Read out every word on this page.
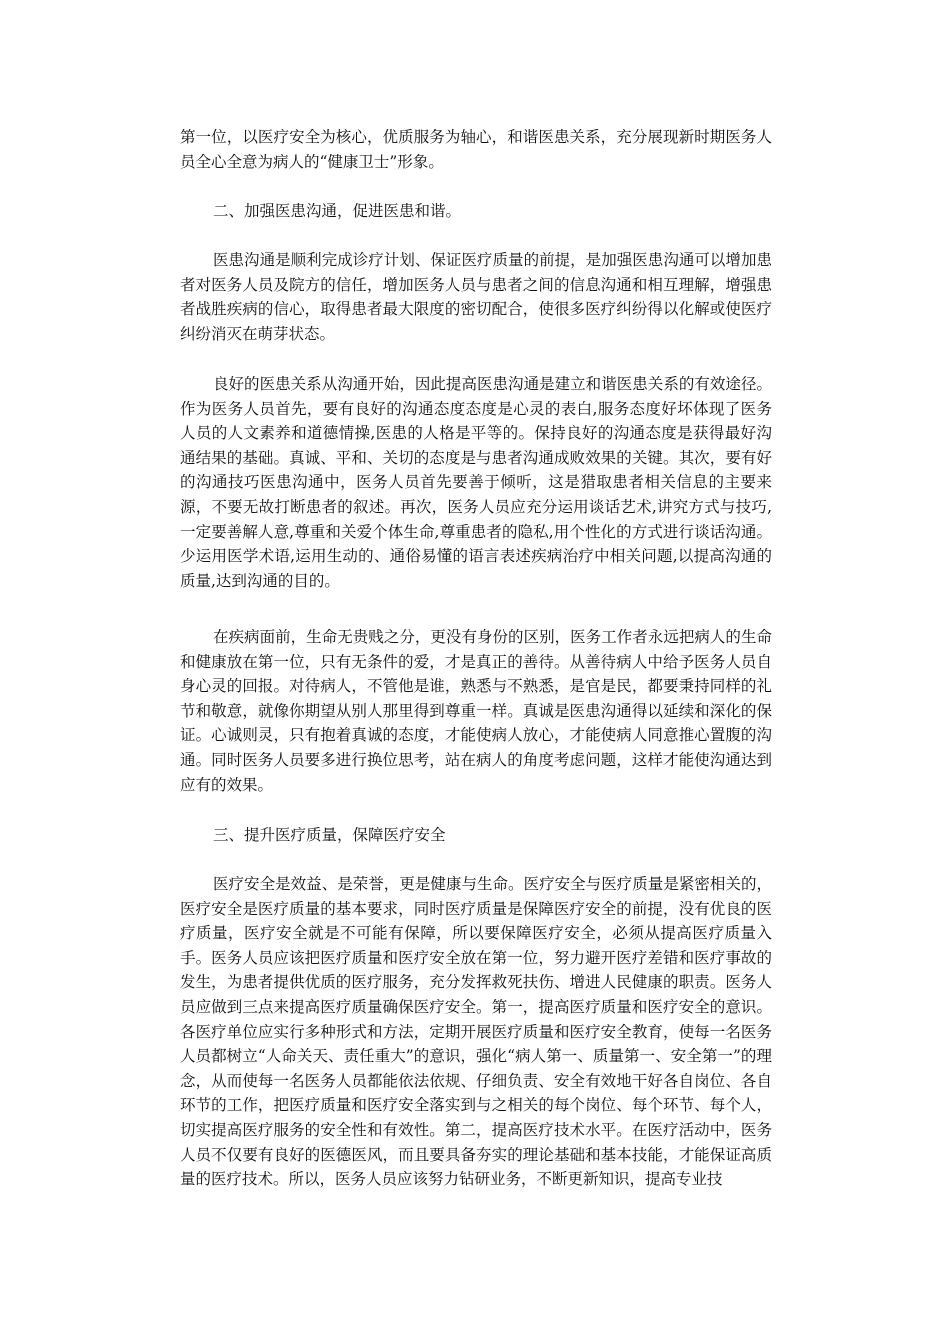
第一位，以医疗安全为核心，优质服务为轴心，和谐医患关系，充分展现新时期医务人员全心全意为病人的“健康卫士”形象。

二、加强医患沟通，促进医患和谐。

医患沟通是顺利完成诊疗计划、保证医疗质量的前提，是加强医患沟通可以增加患者对医务人员及院方的信任，增加医务人员与患者之间的信息沟通和相互理解，增强患者战胜疾病的信心，取得患者最大限度的密切配合，使很多医疗纠纷得以化解或使医疗纠纷消灭在萌芽状态。

良好的医患关系从沟通开始，因此提高医患沟通是建立和谐医患关系的有效途径。作为医务人员首先，要有良好的沟通态度态度是心灵的表白,服务态度好坏体现了医务人员的人文素养和道德情操,医患的人格是平等的。保持良好的沟通态度是获得最好沟通结果的基础。真诚、平和、关切的态度是与患者沟通成败效果的关键。其次，要有好的沟通技巧医患沟通中，医务人员首先要善于倾听，这是猎取患者相关信息的主要来源，不要无故打断患者的叙述。再次，医务人员应充分运用谈话艺术,讲究方式与技巧,一定要善解人意,尊重和关爱个体生命,尊重患者的隐私,用个性化的方式进行谈话沟通。少运用医学术语,运用生动的、通俗易懂的语言表述疾病治疗中相关问题,以提高沟通的质量,达到沟通的目的。

在疾病面前，生命无贵贱之分，更没有身份的区别，医务工作者永远把病人的生命和健康放在第一位，只有无条件的爱，才是真正的善待。从善待病人中给予医务人员自身心灵的回报。对待病人，不管他是谁，熟悉与不熟悉，是官是民，都要秉持同样的礼节和敬意，就像你期望从别人那里得到尊重一样。真诚是医患沟通得以延续和深化的保证。心诚则灵，只有抱着真诚的态度，才能使病人放心，才能使病人同意推心置腹的沟通。同时医务人员要多进行换位思考，站在病人的角度考虑问题，这样才能使沟通达到应有的效果。

三、提升医疗质量，保障医疗安全

医疗安全是效益、是荣誉，更是健康与生命。医疗安全与医疗质量是紧密相关的，医疗安全是医疗质量的基本要求，同时医疗质量是保障医疗安全的前提，没有优良的医疗质量，医疗安全就是不可能有保障，所以要保障医疗安全，必须从提高医疗质量入手。医务人员应该把医疗质量和医疗安全放在第一位，努力避开医疗差错和医疗事故的发生，为患者提供优质的医疗服务，充分发挥救死扶伤、增进人民健康的职责。医务人员应做到三点来提高医疗质量确保医疗安全。第一，提高医疗质量和医疗安全的意识。各医疗单位应实行多种形式和方法，定期开展医疗质量和医疗安全教育，使每一名医务人员都树立“人命关天、责任重大”的意识，强化“病人第一、质量第一、安全第一”的理念，从而使每一名医务人员都能依法依规、仔细负责、安全有效地干好各自岗位、各自环节的工作，把医疗质量和医疗安全落实到与之相关的每个岗位、每个环节、每个人，切实提高医疗服务的安全性和有效性。第二，提高医疗技术水平。在医疗活动中，医务人员不仅要有良好的医德医风，而且要具备夯实的理论基础和基本技能，才能保证高质量的医疗技术。所以，医务人员应该努力钻研业务，不断更新知识，提高专业技
